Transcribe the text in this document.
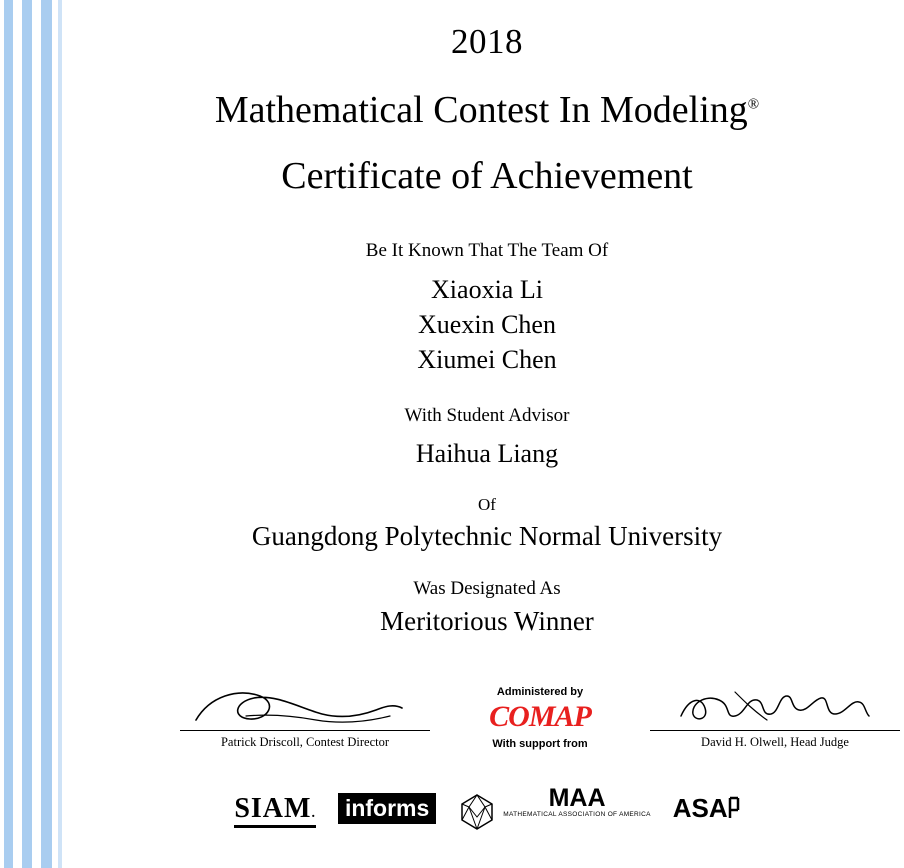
2018
Mathematical Contest In Modeling®
Certificate of Achievement
Be It Known That The Team Of
Xiaoxia Li
Xuexin Chen
Xiumei Chen
With Student Advisor
Haihua Liang
Of
Guangdong Polytechnic Normal University
Was Designated As
Meritorious Winner
Patrick Driscoll, Contest Director
Administered by
COMAP
With support from	David H. Olwell, Head Judge
SIAM. informs	MAA
MATHEMATICAL ASSOCIATION OF AMERICA ASA
